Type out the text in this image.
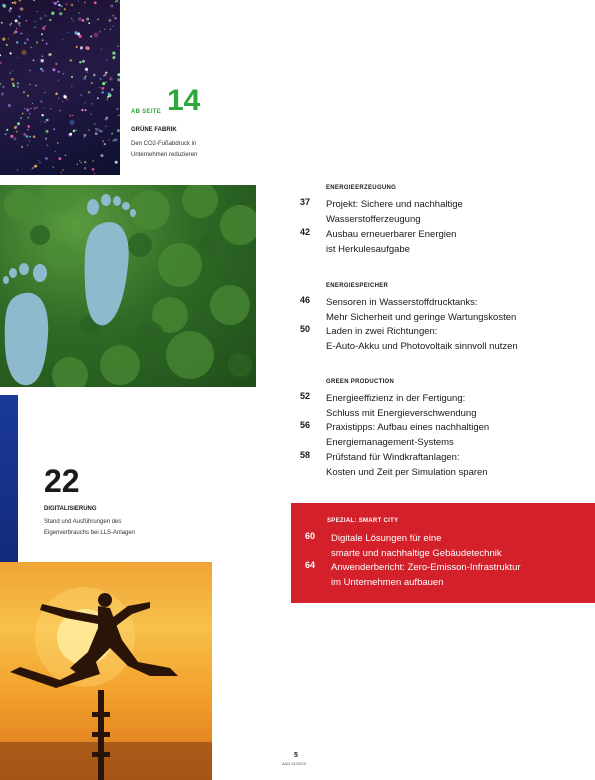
AB SEITE 14
GRÜNE FABRIK
Den CO2-Fußabdruck in Unternehmen reduzieren
22
DIGITALISIERUNG
Stand und Ausführungen des Eigenverbrauchs bei LLS-Anlagen
ENERGIEERZEUGUNG
37	Projekt: Sichere und nachhaltige
Wasserstofferzeugung
42	Ausbau erneuerbarer Energien
ist Herkulesaufgabe
ENERGIESPEICHER
46	Sensoren in Wasserstoffdrucktanks:
Mehr Sicherheit und geringe Wartungskosten
50	Laden in zwei Richtungen:
E-Auto-Akku und Photovoltaik sinnvoll nutzen
GREEN PRODUCTION
52	Energieeffizienz in der Fertigung:
Schluss mit Energieverschwendung
56	Praxistipps: Aufbau eines nachhaltigen
Energiemanagement-Systems
58	Prüfstand für Windkraftanlagen:
Kosten und Zeit per Simulation sparen
SPEZIAL: SMART CITY
60	Digitale Lösungen für eine
smarte und nachhaltige Gebäudetechnik
64	Anwenderbericht: Zero-Emisson-Infrastruktur
im Unternehmen aufbauen
5
A&D 01/2023
